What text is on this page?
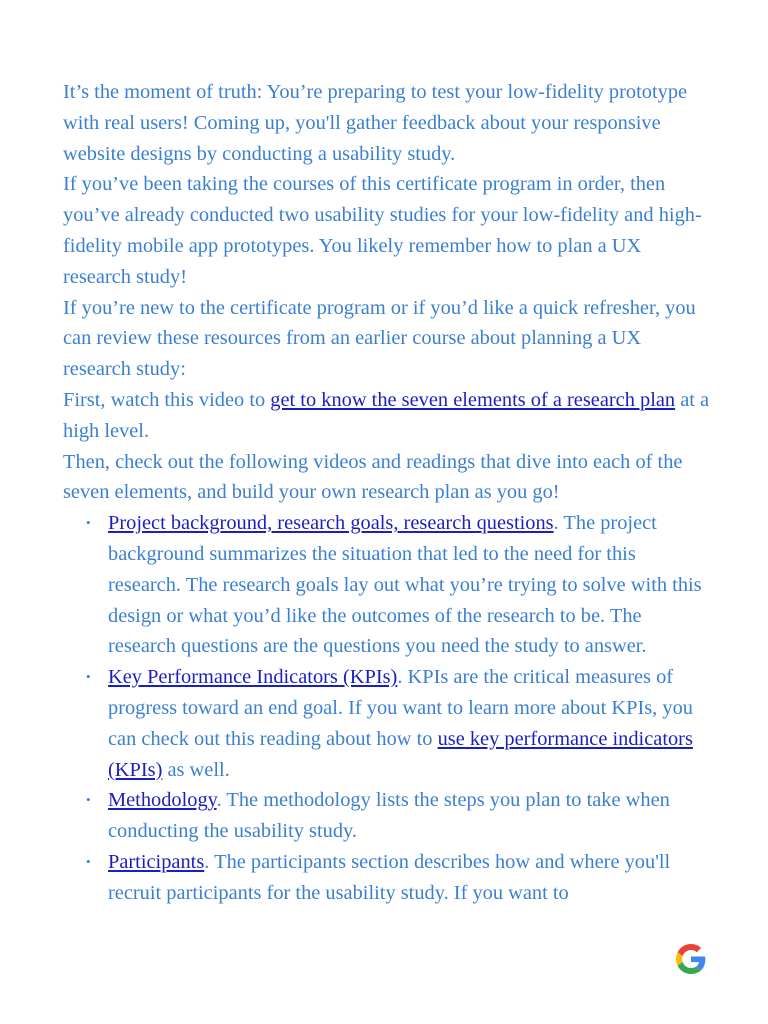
It’s the moment of truth: You’re preparing to test your low-fidelity prototype with real users! Coming up, you'll gather feedback about your responsive website designs by conducting a usability study.

If you’ve been taking the courses of this certificate program in order, then you’ve already conducted two usability studies for your low-fidelity and high-fidelity mobile app prototypes. You likely remember how to plan a UX research study!

If you’re new to the certificate program or if you’d like a quick refresher, you can review these resources from an earlier course about planning a UX research study:

First, watch this video to get to know the seven elements of a research plan at a high level.

Then, check out the following videos and readings that dive into each of the seven elements, and build your own research plan as you go!

• Project background, research goals, research questions. The project background summarizes the situation that led to the need for this research. The research goals lay out what you’re trying to solve with this design or what you’d like the outcomes of the research to be. The research questions are the questions you need the study to answer.
• Key Performance Indicators (KPIs). KPIs are the critical measures of progress toward an end goal. If you want to learn more about KPIs, you can check out this reading about how to use key performance indicators (KPIs) as well.
• Methodology. The methodology lists the steps you plan to take when conducting the usability study.
• Participants. The participants section describes how and where you'll recruit participants for the usability study. If you want to
